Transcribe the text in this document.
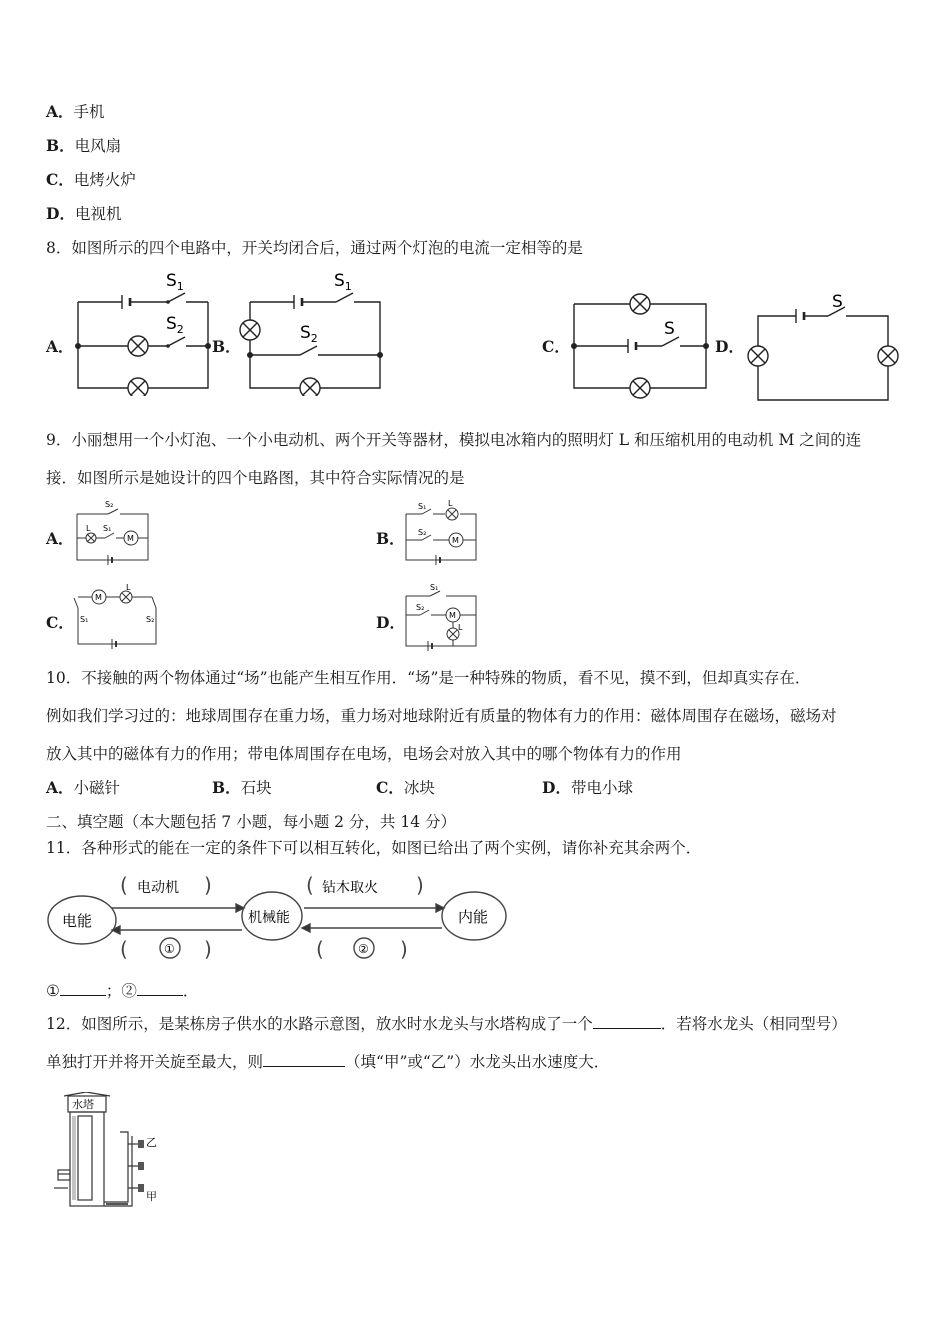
A．手机
B．电风扇
C．电烤火炉
D．电视机
8．如图所示的四个电路中，开关均闭合后，通过两个灯泡的电流一定相等的是
A．	B．	C．	D．
$S_1$
$S_2$
$S_1$
$S_2$	S
S
9．小丽想用一个小灯泡、一个小电动机、两个开关等器材，模拟电冰箱内的照明灯 L 和压缩机用的电动机 M 之间的连
接．如图所示是她设计的四个电路图，其中符合实际情况的是
A．	B．
C．	D．
S₂
L S₁
M
S₁	L
S₂
M
M
L
S₁	S₂
S₁
S₂
M
L
10．不接触的两个物体通过“场”也能产生相互作用．“场”是一种特殊的物质，看不见，摸不到，但却真实存在．
例如我们学习过的：地球周围存在重力场，重力场对地球附近有质量的物体有力的作用：磁体周围存在磁场，磁场对
放入其中的磁体有力的作用；带电体周围存在电场，电场会对放入其中的哪个物体有力的作用
A．小磁针	B．石块	C．冰块	D．带电小球
二、填空题（本大题包括 7 小题，每小题 2 分，共 14 分）
11．各种形式的能在一定的条件下可以相互转化，如图已给出了两个实例，请你补充其余两个．
电能	机械能	内能
( 电动机 )	( 钻木取火 )
(	① )	(	② )
①	；②	．
12．如图所示，是某栋房子供水的水路示意图，放水时水龙头与水塔构成了一个	．若将水龙头（相同型号）
单独打开并将开关旋至最大，则	（填“甲”或“乙”）水龙头出水速度大．
水塔
乙
甲
